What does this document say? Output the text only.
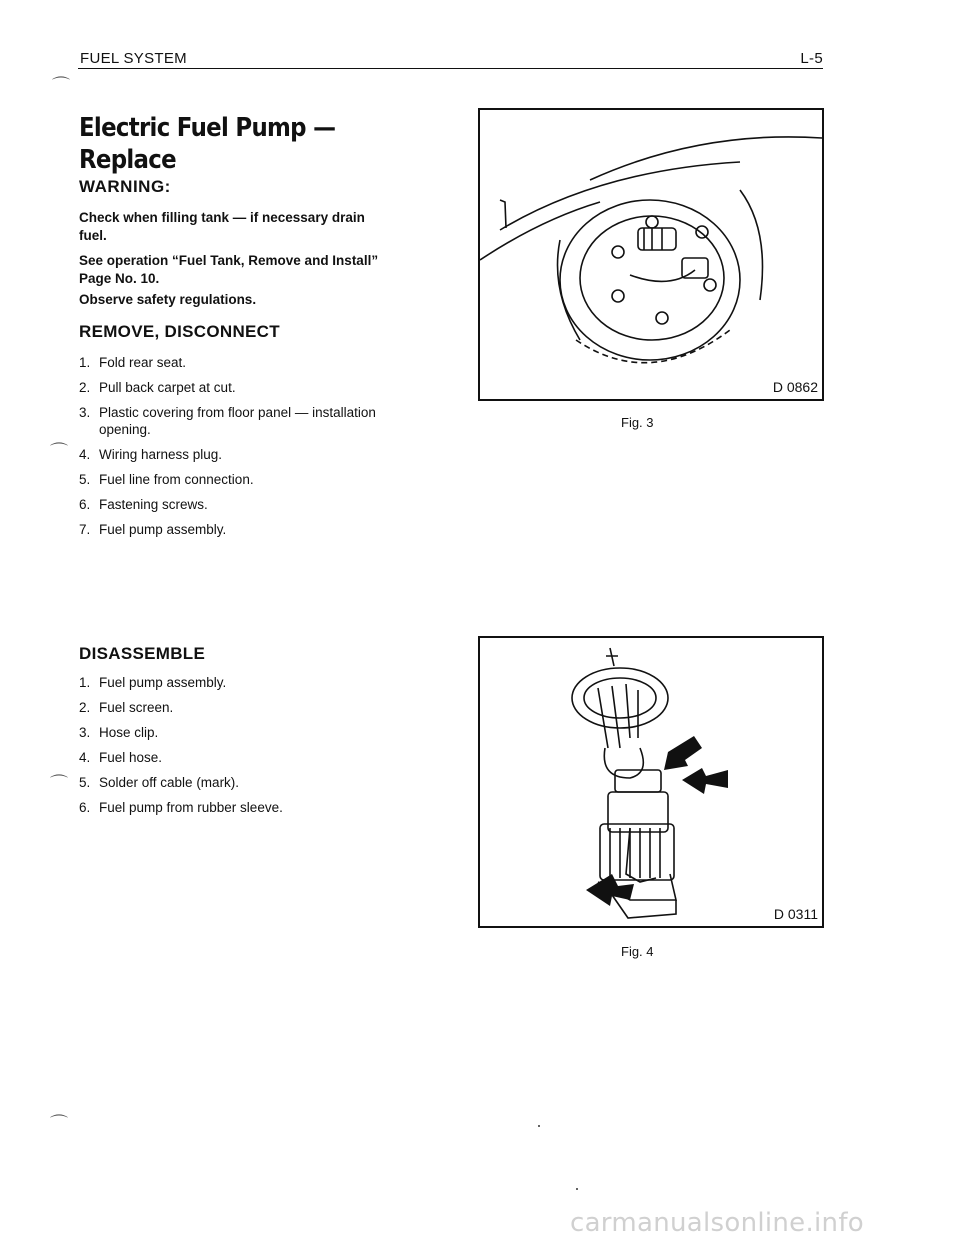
FUEL SYSTEM	L-5
⌒
⌒
⌒
⌒
Electric Fuel Pump — Replace
WARNING:
Check when filling tank — if necessary drain fuel.
See operation “Fuel Tank, Remove and Install” Page No. 10.
Observe safety regulations.
REMOVE, DISCONNECT
1. Fold rear seat.
2. Pull back carpet at cut.
3. Plastic covering from floor panel — installation opening.
4. Wiring harness plug.
5. Fuel line from connection.
6. Fastening screws.
7. Fuel pump assembly.
DISASSEMBLE
1. Fuel pump assembly.
2. Fuel screen.
3. Hose clip.
4. Fuel hose.
5. Solder off cable (mark).
6. Fuel pump from rubber sleeve.
D 0862
Fig. 3
D 0311
Fig. 4
carmanualsonline.info
